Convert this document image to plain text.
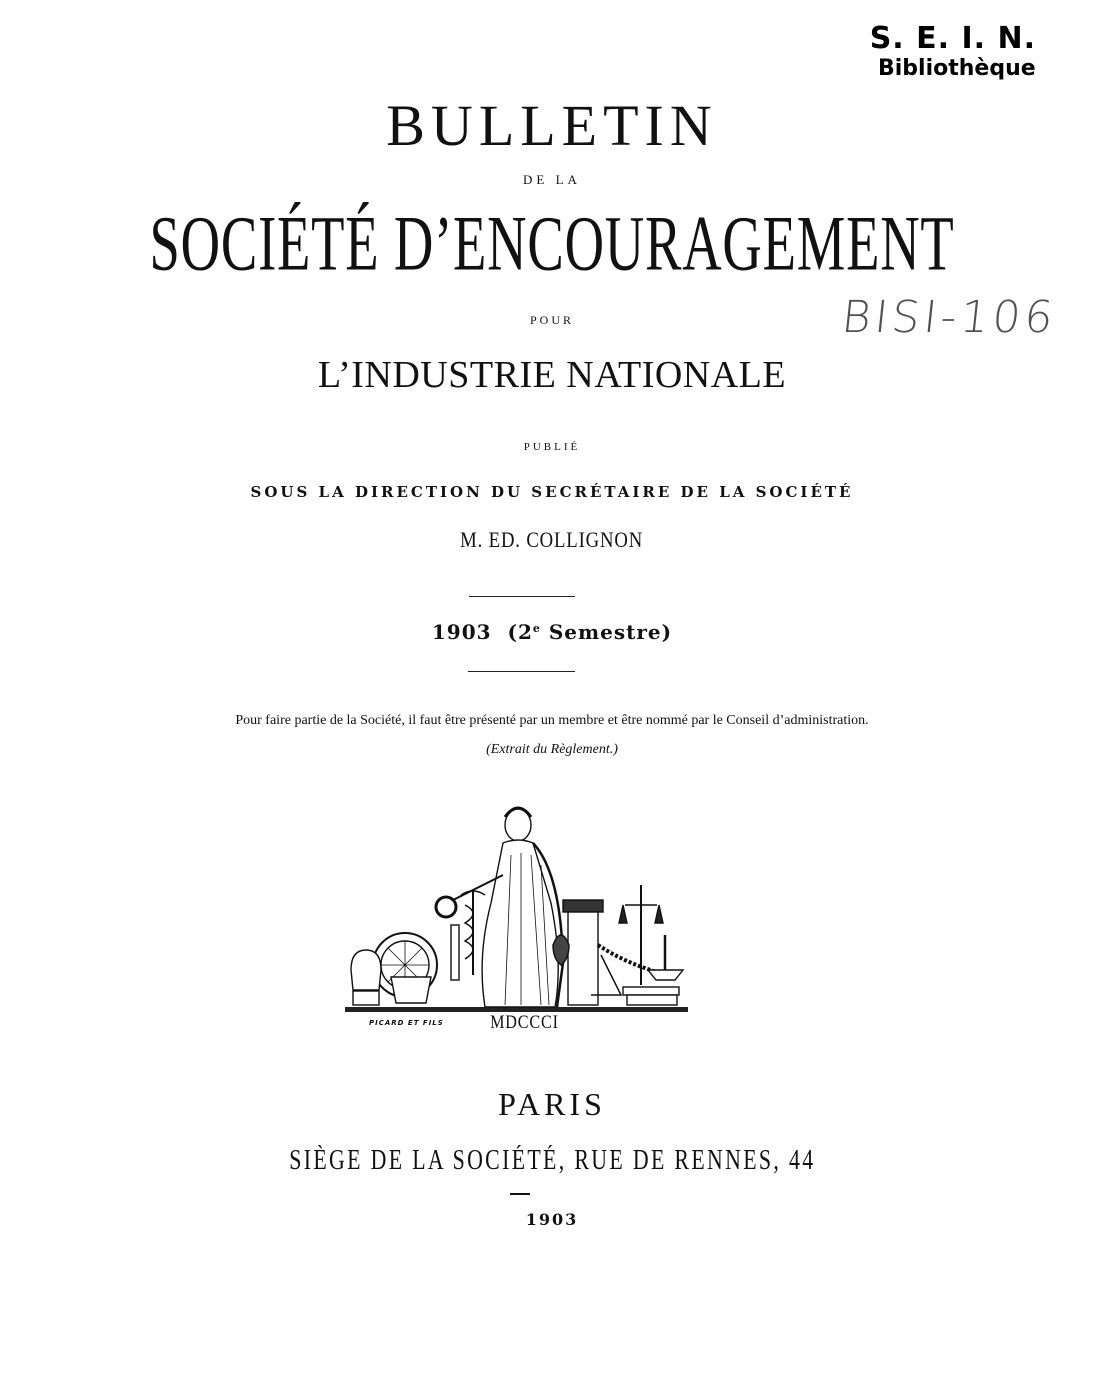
S. E. I. N.
Bibliothèque
BISI-106
BULLETIN
DE LA
SOCIÉTÉ D’ENCOURAGEMENT
POUR
L’INDUSTRIE NATIONALE
PUBLIÉ
SOUS LA DIRECTION DU SECRÉTAIRE DE LA SOCIÉTÉ
M. ED. COLLIGNON
1903  (2e Semestre)
Pour faire partie de la Société, il faut être présenté par un membre et être nommé par le Conseil d’administration.
(Extrait du Règlement.)
PICARD ET FILS	MDCCCI
PARIS
SIÈGE DE LA SOCIÉTÉ, RUE DE RENNES, 44
1903
